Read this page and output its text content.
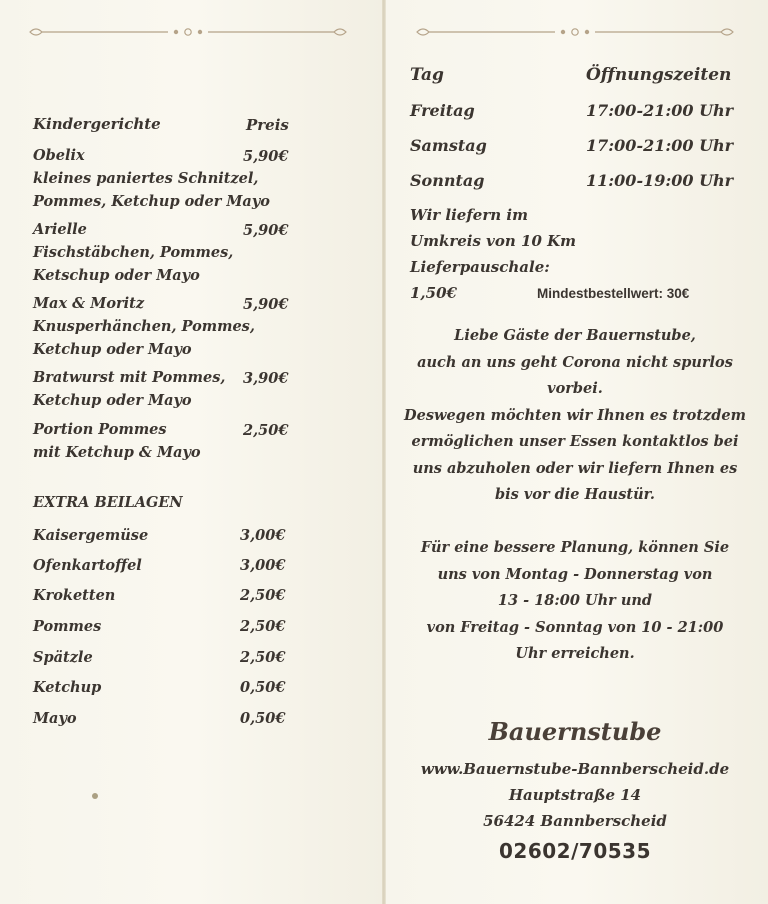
Kindergerichte	Preis
Obelix
kleines paniertes Schnitzel,
Pommes, Ketchup oder Mayo
5,90€
Arielle
Fischstäbchen, Pommes,
Ketschup oder Mayo
5,90€
Max & Moritz
Knusperhänchen, Pommes,
Ketchup oder Mayo
5,90€
Bratwurst mit Pommes,
Ketchup oder Mayo
3,90€
Portion Pommes
mit Ketchup & Mayo
2,50€
EXTRA BEILAGEN
Kaisergemüse	3,00€
Ofenkartoffel	3,00€
Kroketten	2,50€
Pommes	2,50€
Spätzle	2,50€
Ketchup	0,50€
Mayo	0,50€
Tag	Öffnungszeiten
Freitag	17:00-21:00 Uhr
Samstag	17:00-21:00 Uhr
Sonntag	11:00-19:00 Uhr
Wir liefern im
Umkreis von 10 Km
Lieferpauschale:
1,50€	Mindestbestellwert: 30€
Liebe Gäste der Bauernstube,
auch an uns geht Corona nicht spurlos
vorbei.
Deswegen möchten wir Ihnen es trotzdem
ermöglichen unser Essen kontaktlos bei
uns abzuholen oder wir liefern Ihnen es
bis vor die Haustür.
Für eine bessere Planung, können Sie
uns von Montag - Donnerstag von
13 - 18:00 Uhr und
von Freitag - Sonntag von 10 - 21:00
Uhr erreichen.
Bauernstube
www.Bauernstube-Bannberscheid.de
Hauptstraße 14
56424 Bannberscheid
02602/70535
